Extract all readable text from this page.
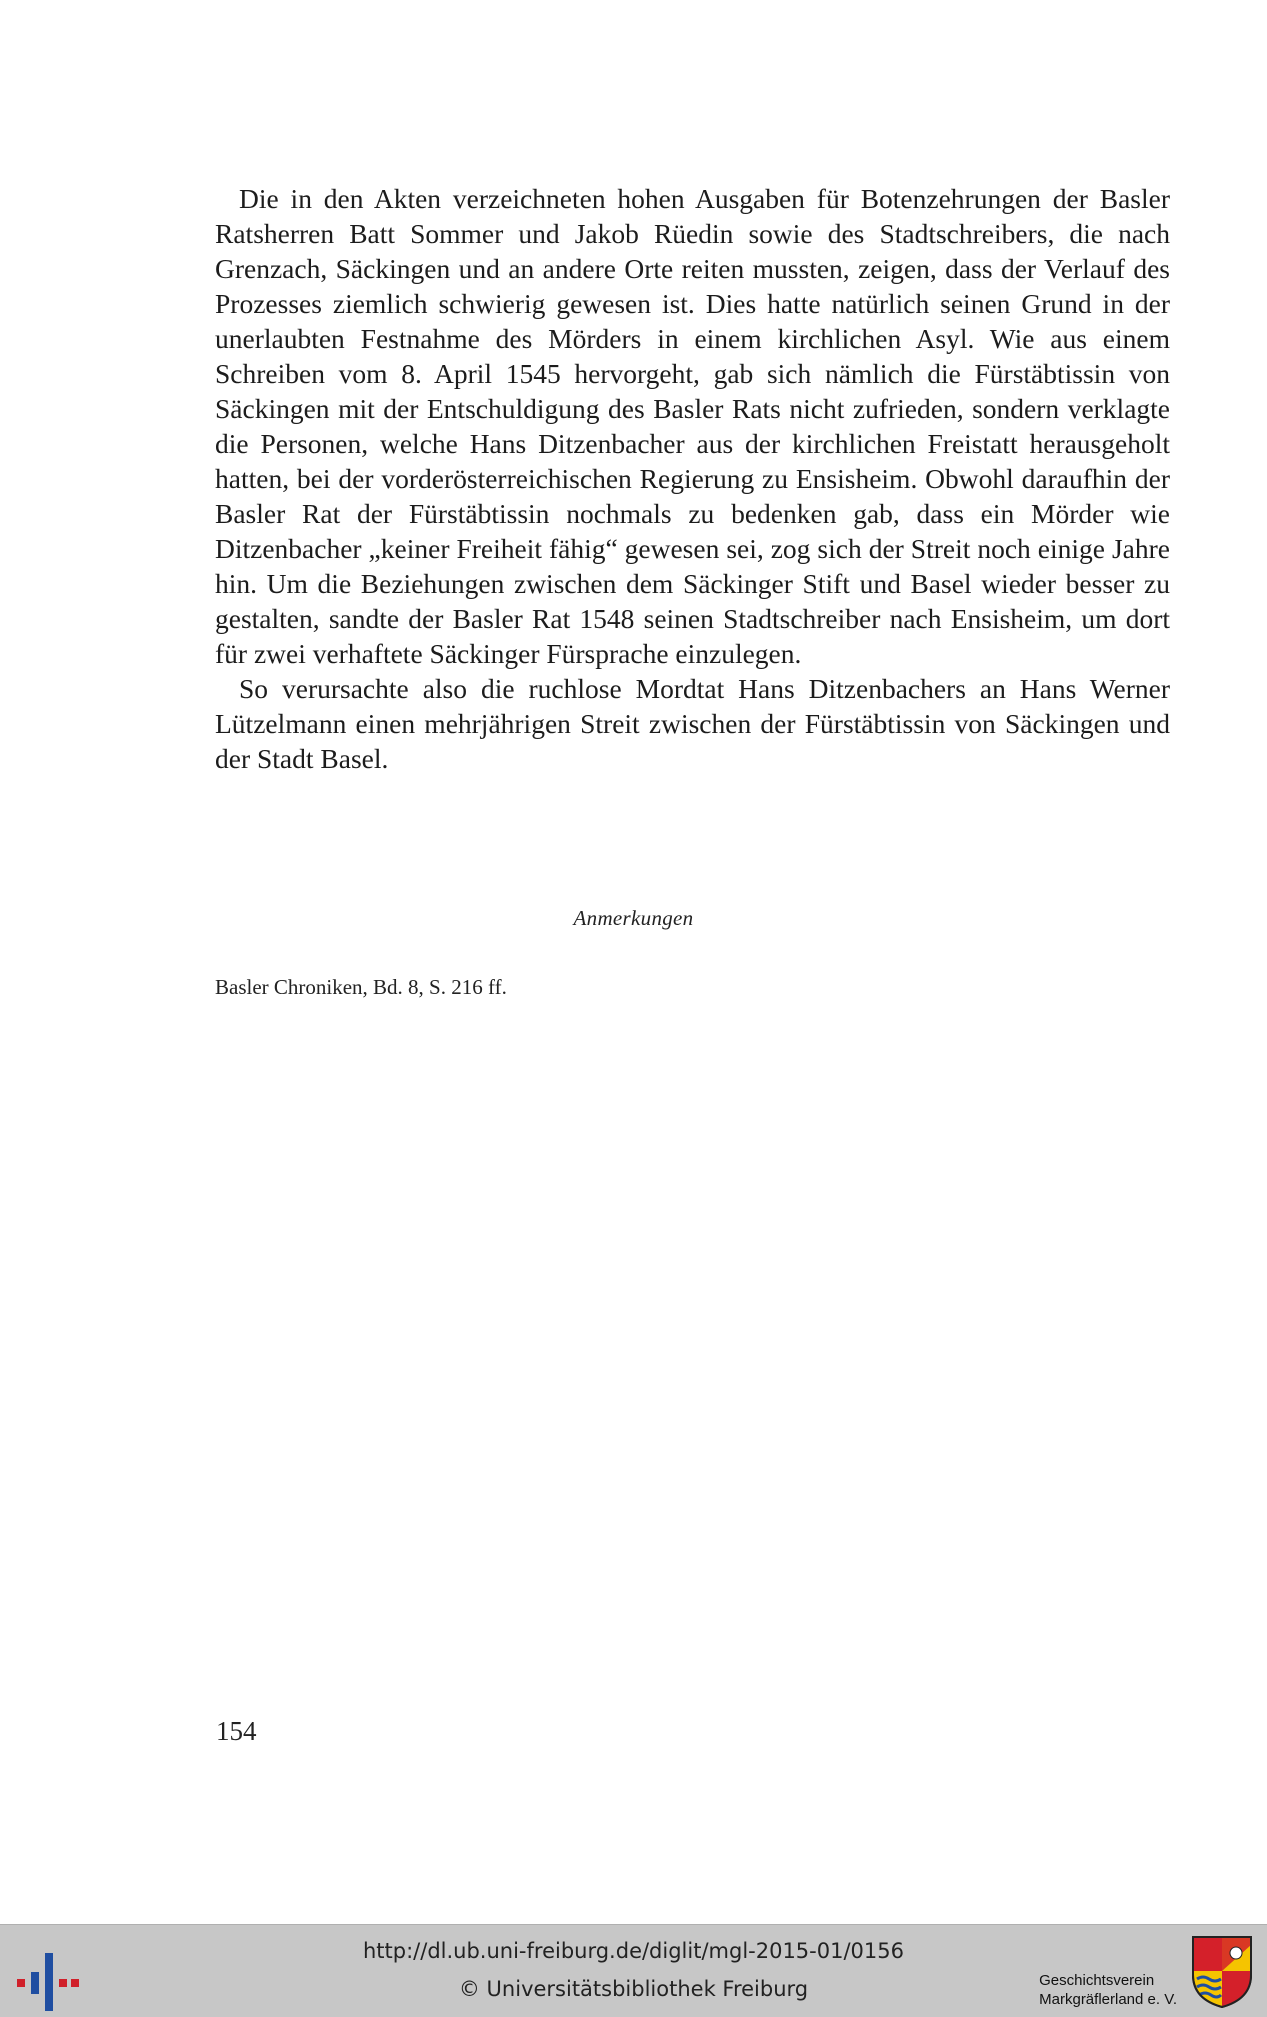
Die in den Akten verzeichneten hohen Ausgaben für Botenzehrungen der Basler Ratsherren Batt Sommer und Jakob Rüedin sowie des Stadtschreibers, die nach Grenzach, Säckingen und an andere Orte reiten mussten, zeigen, dass der Verlauf des Prozesses ziemlich schwierig gewesen ist. Dies hatte natürlich seinen Grund in der unerlaubten Festnahme des Mörders in einem kirchlichen Asyl. Wie aus einem Schreiben vom 8. April 1545 hervorgeht, gab sich nämlich die Fürstäbtissin von Säckingen mit der Entschuldigung des Basler Rats nicht zufrieden, sondern verklagte die Personen, welche Hans Ditzenbacher aus der kirchlichen Freistatt herausgeholt hatten, bei der vorderösterreichischen Regierung zu Ensisheim. Obwohl daraufhin der Basler Rat der Fürstäbtissin nochmals zu bedenken gab, dass ein Mörder wie Ditzenbacher „keiner Freiheit fähig“ gewesen sei, zog sich der Streit noch einige Jahre hin. Um die Beziehungen zwischen dem Säckinger Stift und Basel wieder besser zu gestalten, sandte der Basler Rat 1548 seinen Stadtschreiber nach Ensisheim, um dort für zwei verhaftete Säckinger Fürsprache einzulegen.

So verursachte also die ruchlose Mordtat Hans Ditzenbachers an Hans Werner Lützelmann einen mehrjährigen Streit zwischen der Fürstäbtissin von Säckingen und der Stadt Basel.

Anmerkungen
Basler Chroniken, Bd. 8, S. 216 ff.
154
http://dl.ub.uni-freiburg.de/diglit/mgl-2015-01/0156
© Universitätsbibliothek Freiburg	Geschichtsverein
Markgräflerland e. V.
